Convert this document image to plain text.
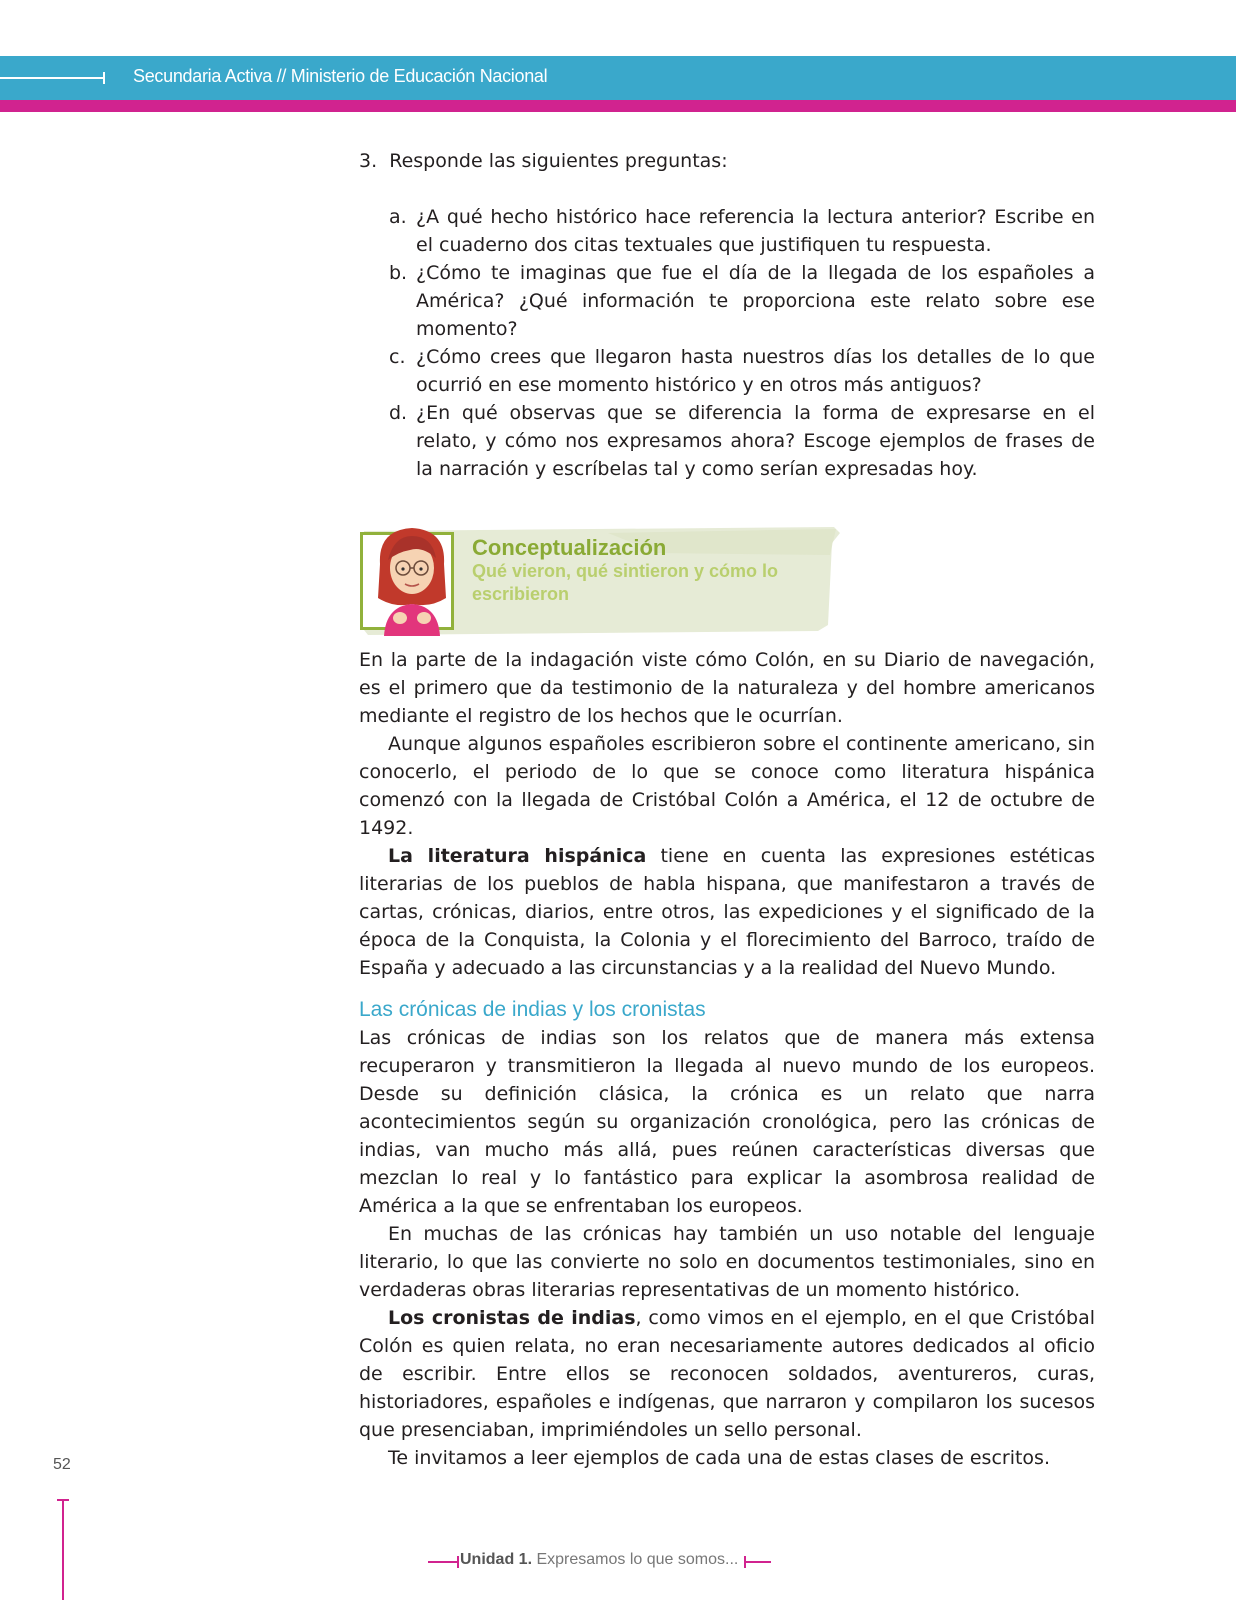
Secundaria Activa // Ministerio de Educación Nacional
3. Responde las siguientes preguntas:
a. ¿A qué hecho histórico hace referencia la lectura anterior? Escribe en el cuaderno dos citas textuales que justifiquen tu respuesta.
b. ¿Cómo te imaginas que fue el día de la llegada de los españoles a América? ¿Qué información te proporciona este relato sobre ese momento?
c. ¿Cómo crees que llegaron hasta nuestros días los detalles de lo que ocurrió en ese momento histórico y en otros más antiguos?
d. ¿En qué observas que se diferencia la forma de expresarse en el relato, y cómo nos expresamos ahora? Escoge ejemplos de frases de la narración y escríbelas tal y como serían expresadas hoy.
Conceptualización
Qué vieron, qué sintieron y cómo lo escribieron

En la parte de la indagación viste cómo Colón, en su Diario de navegación, es el primero que da testimonio de la naturaleza y del hombre americanos mediante el registro de los hechos que le ocurrían.

Aunque algunos españoles escribieron sobre el continente americano, sin conocerlo, el periodo de lo que se conoce como literatura hispánica comenzó con la llegada de Cristóbal Colón a América, el 12 de octubre de 1492.

La literatura hispánica tiene en cuenta las expresiones estéticas literarias de los pueblos de habla hispana, que manifestaron a través de cartas, crónicas, diarios, entre otros, las expediciones y el significado de la época de la Conquista, la Colonia y el florecimiento del Barroco, traído de España y adecuado a las circunstancias y a la realidad del Nuevo Mundo.

Las crónicas de indias y los cronistas

Las crónicas de indias son los relatos que de manera más extensa recuperaron y transmitieron la llegada al nuevo mundo de los europeos. Desde su definición clásica, la crónica es un relato que narra acontecimientos según su organización cronológica, pero las crónicas de indias, van mucho más allá, pues reúnen características diversas que mezclan lo real y lo fantástico para explicar la asombrosa realidad de América a la que se enfrentaban los europeos.

En muchas de las crónicas hay también un uso notable del lenguaje literario, lo que las convierte no solo en documentos testimoniales, sino en verdaderas obras literarias representativas de un momento histórico.

Los cronistas de indias, como vimos en el ejemplo, en el que Cristóbal Colón es quien relata, no eran necesariamente autores dedicados al oficio de escribir. Entre ellos se reconocen soldados, aventureros, curas, historiadores, españoles e indígenas, que narraron y compilaron los sucesos que presenciaban, imprimiéndoles un sello personal.

Te invitamos a leer ejemplos de cada una de estas clases de escritos.

52
Unidad 1. Expresamos lo que somos...
